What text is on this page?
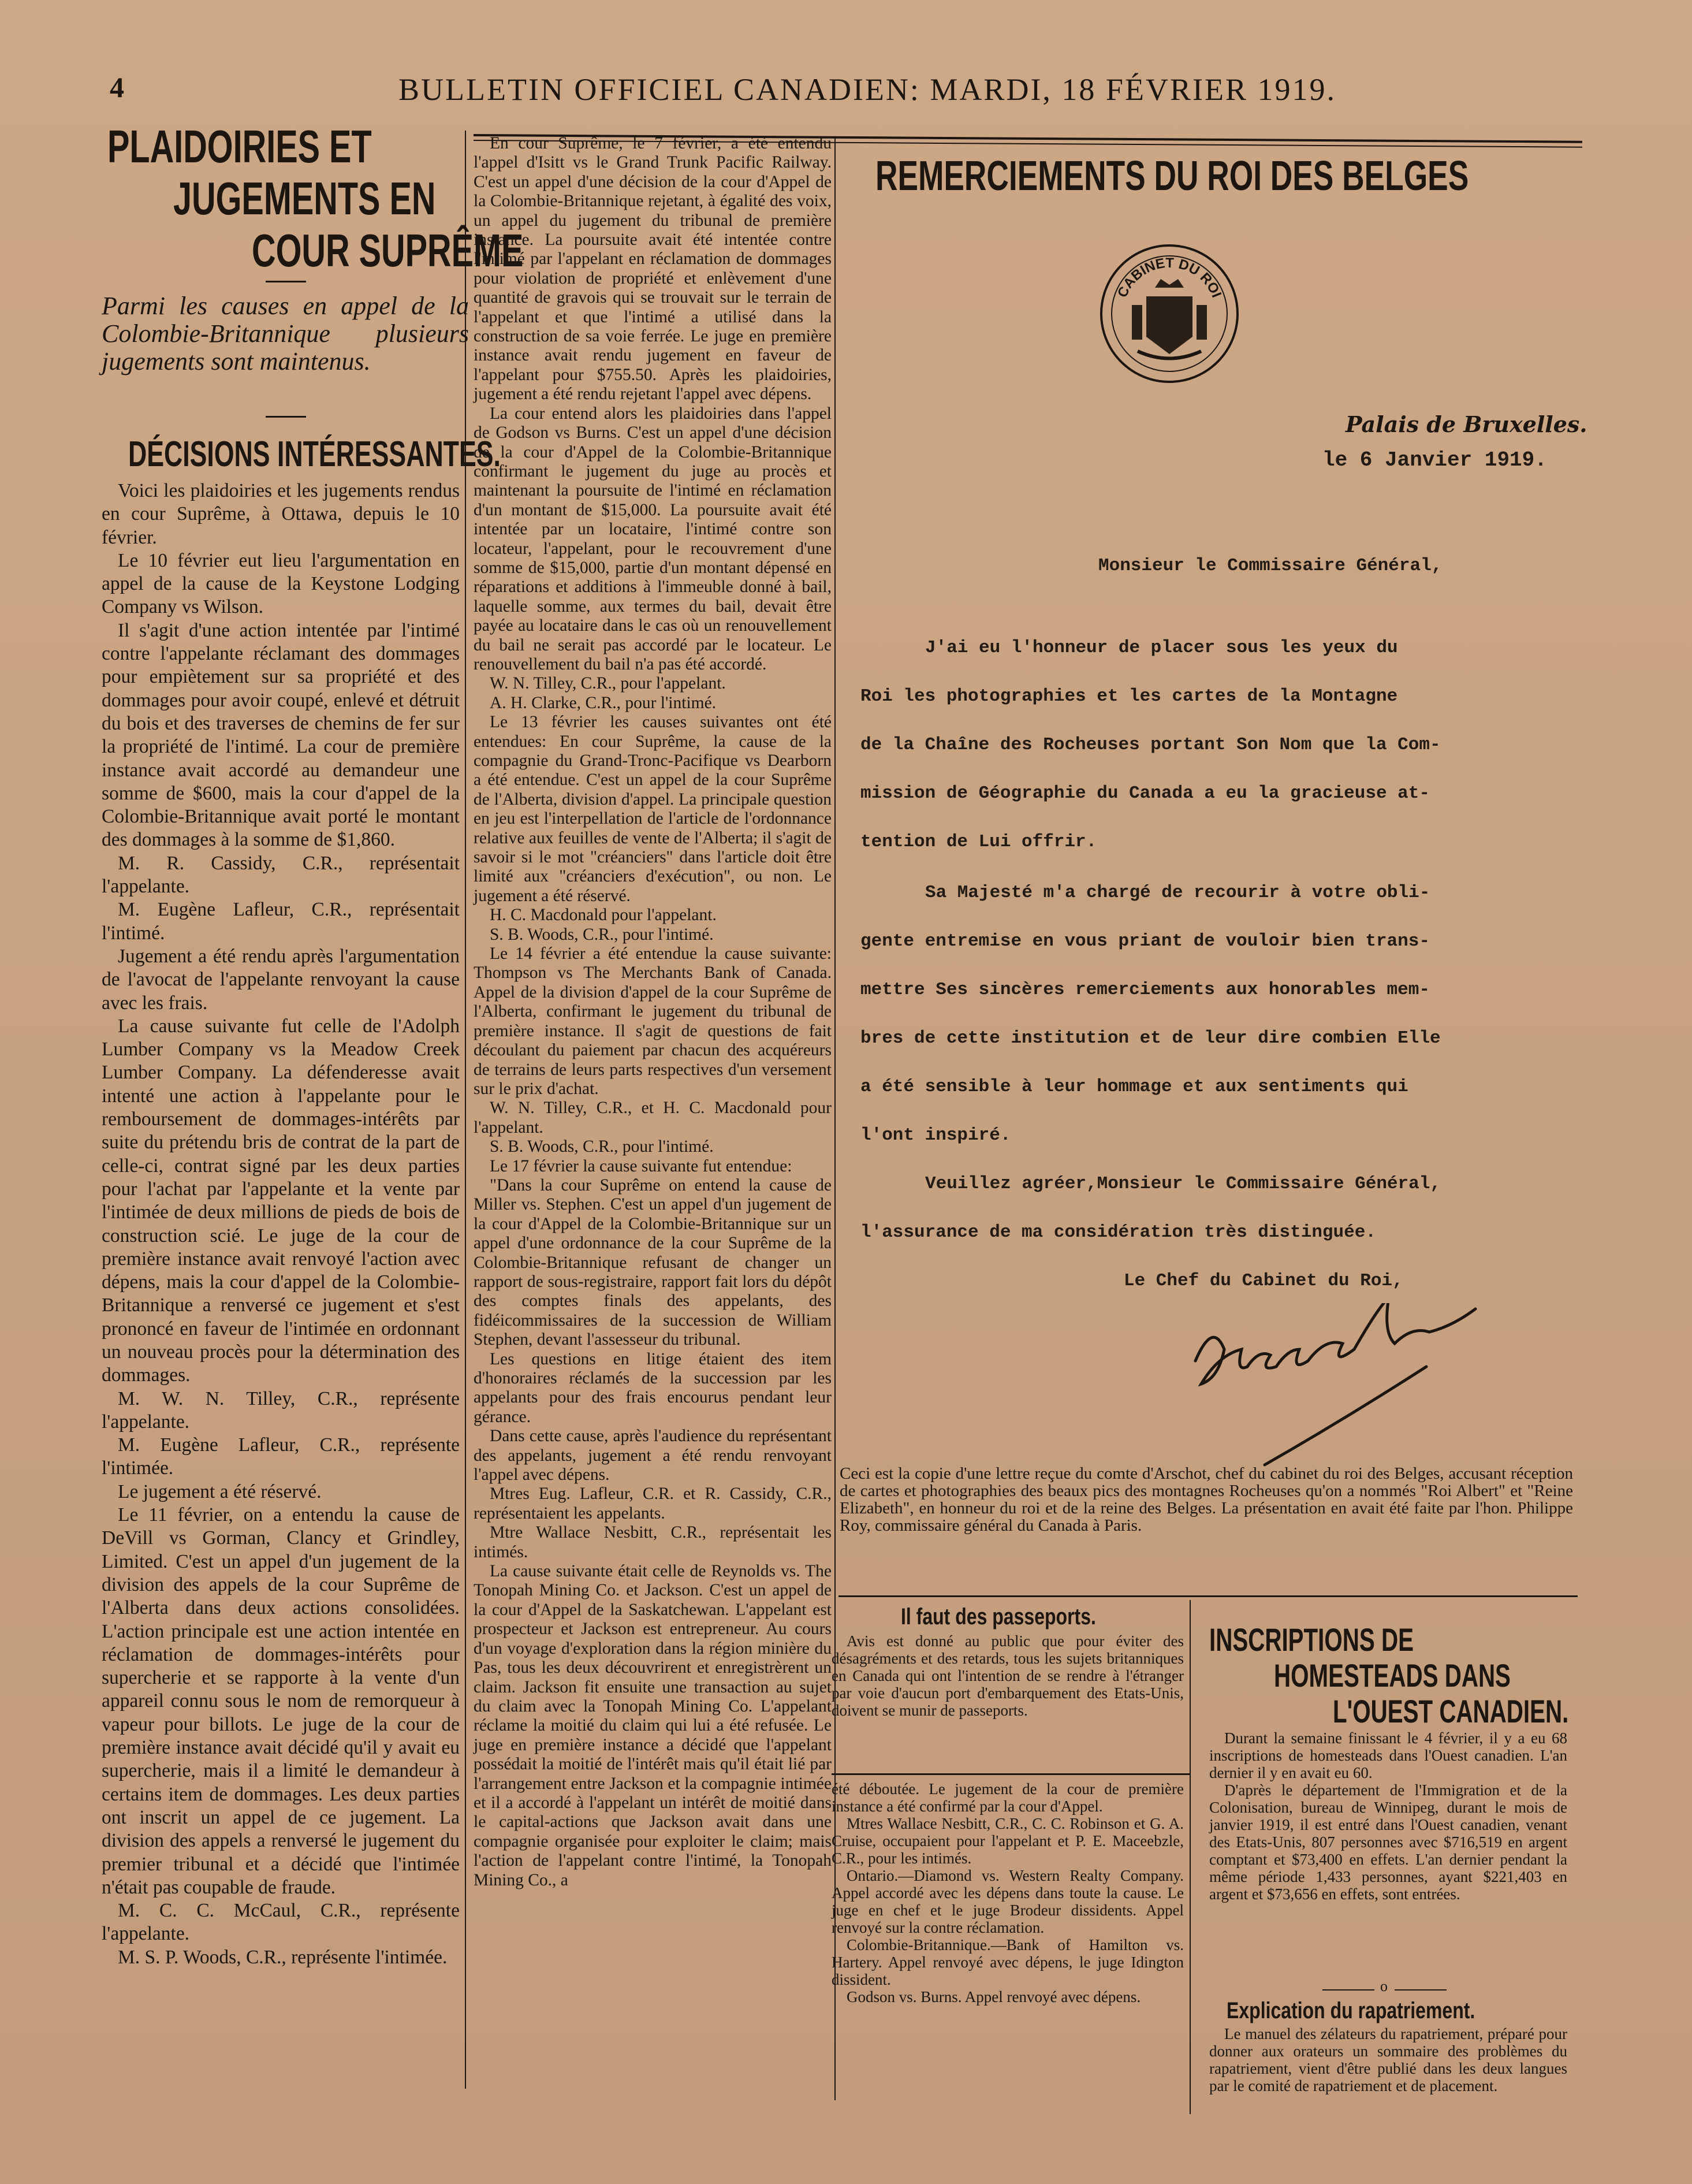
4	BULLETIN OFFICIEL CANADIEN: MARDI, 18 FÉVRIER 1919.
PLAIDOIRIES ET
JUGEMENTS EN
COUR SUPRÊME
Parmi les causes en appel de la Colombie-Britannique plusieurs jugements sont maintenus.
DÉCISIONS INTÉRESSANTES.

Voici les plaidoiries et les jugements rendus en cour Suprême, à Ottawa, depuis le 10 février.

Le 10 février eut lieu l'argumentation en appel de la cause de la Keystone Lodging Company vs Wilson.

Il s'agit d'une action intentée par l'intimé contre l'appelante réclamant des dommages pour empiètement sur sa propriété et des dommages pour avoir coupé, enlevé et détruit du bois et des traverses de chemins de fer sur la propriété de l'intimé. La cour de première instance avait accordé au demandeur une somme de $600, mais la cour d'appel de la Colombie-Britannique avait porté le montant des dommages à la somme de $1,860.

M. R. Cassidy, C.R., représentait l'appelante.

M. Eugène Lafleur, C.R., représentait l'intimé.

Jugement a été rendu après l'argumentation de l'avocat de l'appelante renvoyant la cause avec les frais.

La cause suivante fut celle de l'Adolph Lumber Company vs la Meadow Creek Lumber Company. La défenderesse avait intenté une action à l'appelante pour le remboursement de dommages-intérêts par suite du prétendu bris de contrat de la part de celle-ci, contrat signé par les deux parties pour l'achat par l'appelante et la vente par l'intimée de deux millions de pieds de bois de construction scié. Le juge de la cour de première instance avait renvoyé l'action avec dépens, mais la cour d'appel de la Colombie-Britannique a renversé ce jugement et s'est prononcé en faveur de l'intimée en ordonnant un nouveau procès pour la détermination des dommages.

M. W. N. Tilley, C.R., représente l'appelante.

M. Eugène Lafleur, C.R., représente l'intimée.

Le jugement a été réservé.

Le 11 février, on a entendu la cause de DeVill vs Gorman, Clancy et Grindley, Limited. C'est un appel d'un jugement de la division des appels de la cour Suprême de l'Alberta dans deux actions consolidées. L'action principale est une action intentée en réclamation de dommages-intérêts pour supercherie et se rapporte à la vente d'un appareil connu sous le nom de remorqueur à vapeur pour billots. Le juge de la cour de première instance avait décidé qu'il y avait eu supercherie, mais il a limité le demandeur à certains item de dommages. Les deux parties ont inscrit un appel de ce jugement. La division des appels a renversé le jugement du premier tribunal et a décidé que l'intimée n'était pas coupable de fraude.

M. C. C. McCaul, C.R., représente l'appelante.

M. S. P. Woods, C.R., représente l'intimée.

En cour Suprême, le 7 février, a été entendu l'appel d'Isitt vs le Grand Trunk Pacific Railway. C'est un appel d'une décision de la cour d'Appel de la Colombie-Britannique rejetant, à égalité des voix, un appel du jugement du tribunal de première instance. La poursuite avait été intentée contre l'intimé par l'appelant en réclamation de dommages pour violation de propriété et enlèvement d'une quantité de gravois qui se trouvait sur le terrain de l'appelant et que l'intimé a utilisé dans la construction de sa voie ferrée. Le juge en première instance avait rendu jugement en faveur de l'appelant pour $755.50. Après les plaidoiries, jugement a été rendu rejetant l'appel avec dépens.

La cour entend alors les plaidoiries dans l'appel de Godson vs Burns. C'est un appel d'une décision de la cour d'Appel de la Colombie-Britannique confirmant le jugement du juge au procès et maintenant la poursuite de l'intimé en réclamation d'un montant de $15,000. La poursuite avait été intentée par un locataire, l'intimé contre son locateur, l'appelant, pour le recouvrement d'une somme de $15,000, partie d'un montant dépensé en réparations et additions à l'immeuble donné à bail, laquelle somme, aux termes du bail, devait être payée au locataire dans le cas où un renouvellement du bail ne serait pas accordé par le locateur. Le renouvellement du bail n'a pas été accordé.

W. N. Tilley, C.R., pour l'appelant.

A. H. Clarke, C.R., pour l'intimé.

Le 13 février les causes suivantes ont été entendues: En cour Suprême, la cause de la compagnie du Grand-Tronc-Pacifique vs Dearborn a été entendue. C'est un appel de la cour Suprême de l'Alberta, division d'appel. La principale question en jeu est l'interpellation de l'article de l'ordonnance relative aux feuilles de vente de l'Alberta; il s'agit de savoir si le mot "créanciers" dans l'article doit être limité aux "créanciers d'exécution", ou non. Le jugement a été réservé.

H. C. Macdonald pour l'appelant.

S. B. Woods, C.R., pour l'intimé.

Le 14 février a été entendue la cause suivante: Thompson vs The Merchants Bank of Canada. Appel de la division d'appel de la cour Suprême de l'Alberta, confirmant le jugement du tribunal de première instance. Il s'agit de questions de fait découlant du paiement par chacun des acquéreurs de terrains de leurs parts respectives d'un versement sur le prix d'achat.

W. N. Tilley, C.R., et H. C. Macdonald pour l'appelant.

S. B. Woods, C.R., pour l'intimé.

Le 17 février la cause suivante fut entendue:

"Dans la cour Suprême on entend la cause de Miller vs. Stephen. C'est un appel d'un jugement de la cour d'Appel de la Colombie-Britannique sur un appel d'une ordonnance de la cour Suprême de la Colombie-Britannique refusant de changer un rapport de sous-registraire, rapport fait lors du dépôt des comptes finals des appelants, des fidéicommissaires de la succession de William Stephen, devant l'assesseur du tribunal.

Les questions en litige étaient des item d'honoraires réclamés de la succession par les appelants pour des frais encourus pendant leur gérance.

Dans cette cause, après l'audience du représentant des appelants, jugement a été rendu renvoyant l'appel avec dépens.

Mtres Eug. Lafleur, C.R. et R. Cassidy, C.R., représentaient les appelants.

Mtre Wallace Nesbitt, C.R., représentait les intimés.

La cause suivante était celle de Reynolds vs. The Tonopah Mining Co. et Jackson. C'est un appel de la cour d'Appel de la Saskatchewan. L'appelant est prospecteur et Jackson est entrepreneur. Au cours d'un voyage d'exploration dans la région minière du Pas, tous les deux découvrirent et enregistrèrent un claim. Jackson fit ensuite une transaction au sujet du claim avec la Tonopah Mining Co. L'appelant réclame la moitié du claim qui lui a été refusée. Le juge en première instance a décidé que l'appelant possédait la moitié de l'intérêt mais qu'il était lié par l'arrangement entre Jackson et la compagnie intimée et il a accordé à l'appelant un intérêt de moitié dans le capital-actions que Jackson avait dans une compagnie organisée pour exploiter le claim; mais l'action de l'appelant contre l'intimé, la Tonopah Mining Co., a

REMERCIEMENTS DU ROI DES BELGES
CABINET DU ROI
Palais de Bruxelles.
le 6 Janvier 1919.
Monsieur le Commissaire Général,
J'ai eu l'honneur de placer sous les yeux du
Roi les photographies et les cartes de la Montagne
de la Chaîne des Rocheuses portant Son Nom que la Com-
mission de Géographie du Canada a eu la gracieuse at-
tention de Lui offrir.
Sa Majesté m'a chargé de recourir à votre obli-
gente entremise en vous priant de vouloir bien trans-
mettre Ses sincères remerciements aux honorables mem-
bres de cette institution et de leur dire combien Elle
a été sensible à leur hommage et aux sentiments qui
l'ont inspiré.
Veuillez agréer,Monsieur le Commissaire Général,
l'assurance de ma considération très distinguée.
Le Chef du Cabinet du Roi,
Ceci est la copie d'une lettre reçue du comte d'Arschot, chef du cabinet du roi des Belges, accusant réception de cartes et photographies des beaux pics des montagnes Rocheuses qu'on a nommés "Roi Albert" et "Reine Elizabeth", en honneur du roi et de la reine des Belges. La présentation en avait été faite par l'hon. Philippe Roy, commissaire général du Canada à Paris.
Il faut des passeports.

Avis est donné au public que pour éviter des désagréments et des retards, tous les sujets britanniques en Canada qui ont l'intention de se rendre à l'étranger par voie d'aucun port d'embarquement des Etats-Unis, doivent se munir de passeports.

été déboutée. Le jugement de la cour de première instance a été confirmé par la cour d'Appel.

Mtres Wallace Nesbitt, C.R., C. C. Robinson et G. A. Cruise, occupaient pour l'appelant et P. E. Maceebzle, C.R., pour les intimés.

Ontario.—Diamond vs. Western Realty Company. Appel accordé avec les dépens dans toute la cause. Le juge en chef et le juge Brodeur dissidents. Appel renvoyé sur la contre réclamation.

Colombie-Britannique.—Bank of Hamilton vs. Hartery. Appel renvoyé avec dépens, le juge Idington dissident.

Godson vs. Burns. Appel renvoyé avec dépens.

INSCRIPTIONS DE
HOMESTEADS DANS
L'OUEST CANADIEN.

Durant la semaine finissant le 4 février, il y a eu 68 inscriptions de homesteads dans l'Ouest canadien. L'an dernier il y en avait eu 60.

D'après le département de l'Immigration et de la Colonisation, bureau de Winnipeg, durant le mois de janvier 1919, il est entré dans l'Ouest canadien, venant des Etats-Unis, 807 personnes avec $716,519 en argent comptant et $73,400 en effets. L'an dernier pendant la même période 1,433 personnes, ayant $221,403 en argent et $73,656 en effets, sont entrées.

o
Explication du rapatriement.

Le manuel des zélateurs du rapatriement, préparé pour donner aux orateurs un sommaire des problèmes du rapatriement, vient d'être publié dans les deux langues par le comité de rapatriement et de placement.
